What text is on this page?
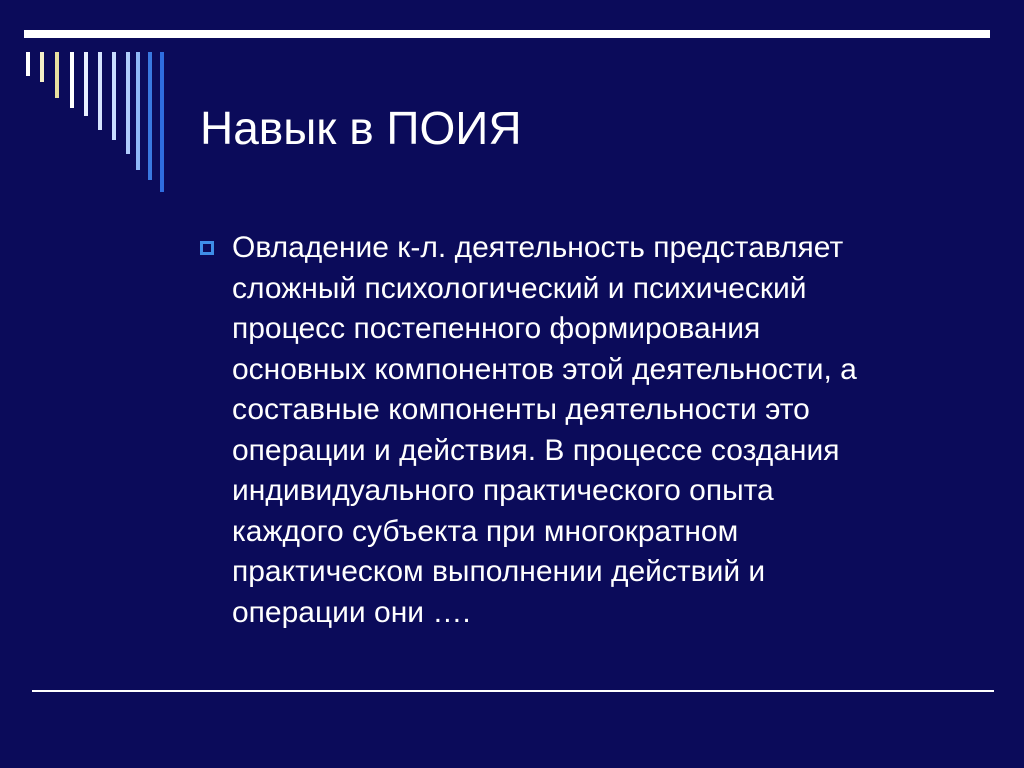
Навык в ПОИЯ
Овладение к-л. деятельность представляет
сложный психологический и психический
процесс постепенного формирования
основных компонентов этой деятельности, а
составные компоненты деятельности это
операции и действия. В процессе создания
индивидуального практического опыта
каждого субъекта при многократном
практическом выполнении действий и
операции они ….
